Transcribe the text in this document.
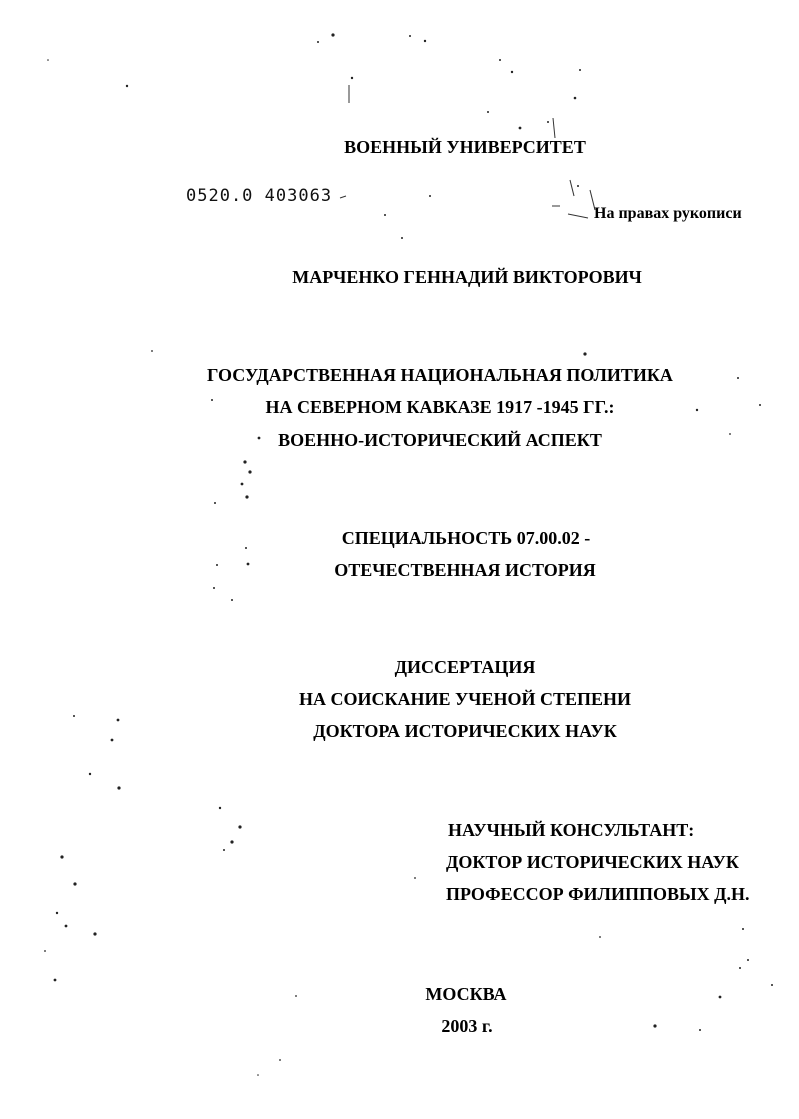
ВОЕННЫЙ УНИВЕРСИТЕТ
0520.0 403063
На правах рукописи
МАРЧЕНКО ГЕННАДИЙ ВИКТОРОВИЧ
ГОСУДАРСТВЕННАЯ НАЦИОНАЛЬНАЯ ПОЛИТИКА
НА СЕВЕРНОМ КАВКАЗЕ 1917 -1945 ГГ.:
ВОЕННО-ИСТОРИЧЕСКИЙ АСПЕКТ
СПЕЦИАЛЬНОСТЬ 07.00.02 -
ОТЕЧЕСТВЕННАЯ ИСТОРИЯ
ДИССЕРТАЦИЯ
НА СОИСКАНИЕ УЧЕНОЙ СТЕПЕНИ
ДОКТОРА ИСТОРИЧЕСКИХ НАУК
НАУЧНЫЙ КОНСУЛЬТАНТ:
ДОКТОР ИСТОРИЧЕСКИХ НАУК
ПРОФЕССОР ФИЛИППОВЫХ Д.Н.
МОСКВА
2003 г.
